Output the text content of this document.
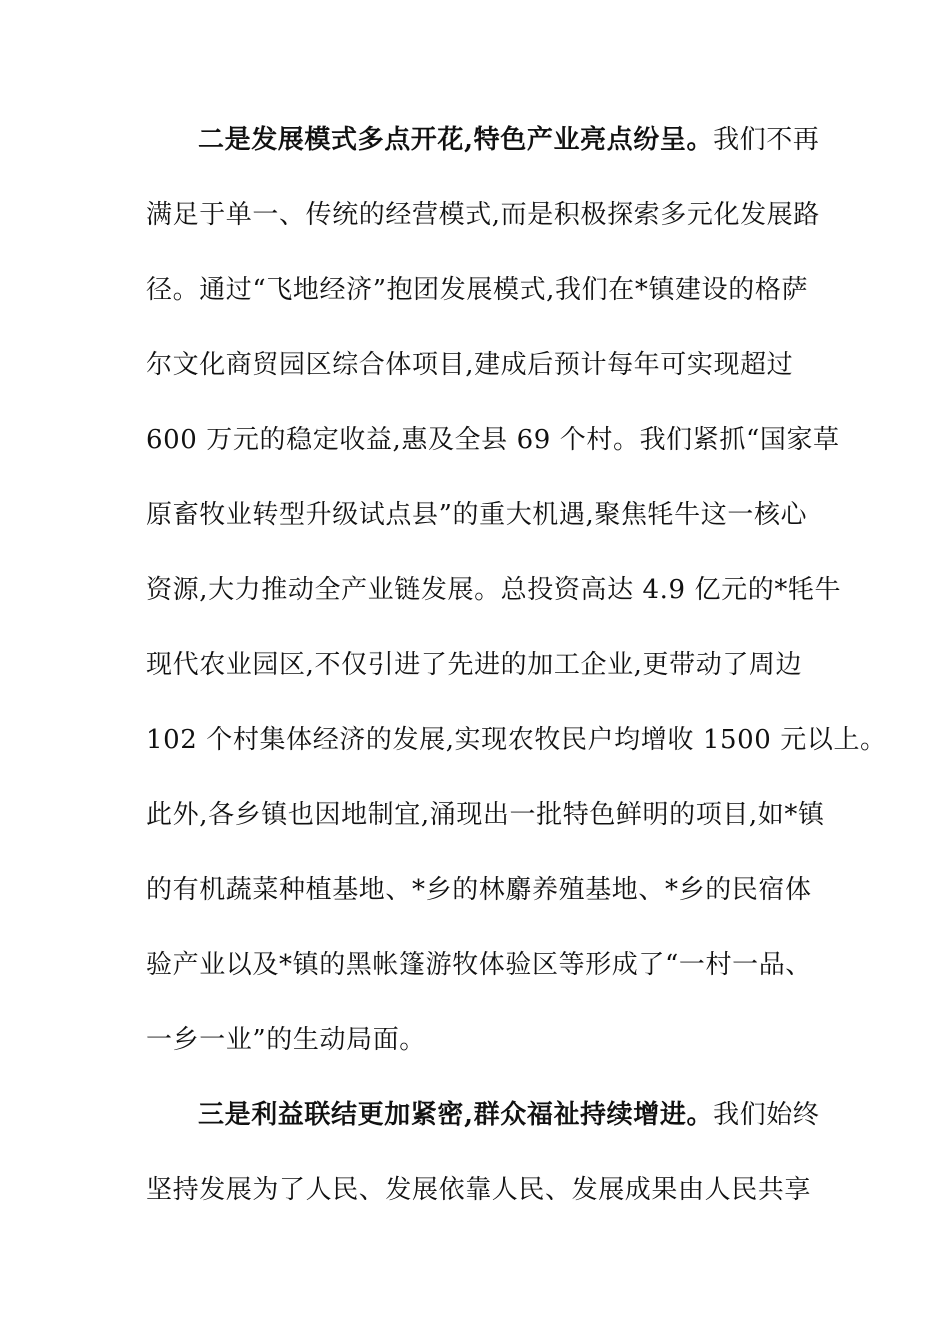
二是发展模式多点开花,特色产业亮点纷呈。我们不再
满足于单一、传统的经营模式,而是积极探索多元化发展路
径。通过“飞地经济”抱团发展模式,我们在*镇建设的格萨
尔文化商贸园区综合体项目,建成后预计每年可实现超过
600 万元的稳定收益,惠及全县 69 个村。我们紧抓“国家草
原畜牧业转型升级试点县”的重大机遇,聚焦牦牛这一核心
资源,大力推动全产业链发展。总投资高达 4.9 亿元的*牦牛
现代农业园区,不仅引进了先进的加工企业,更带动了周边
102 个村集体经济的发展,实现农牧民户均增收 1500 元以上。
此外,各乡镇也因地制宜,涌现出一批特色鲜明的项目,如*镇
的有机蔬菜种植基地、*乡的林麝养殖基地、*乡的民宿体
验产业以及*镇的黑帐篷游牧体验区等形成了“一村一品、
一乡一业”的生动局面。
三是利益联结更加紧密,群众福祉持续增进。我们始终
坚持发展为了人民、发展依靠人民、发展成果由人民共享
